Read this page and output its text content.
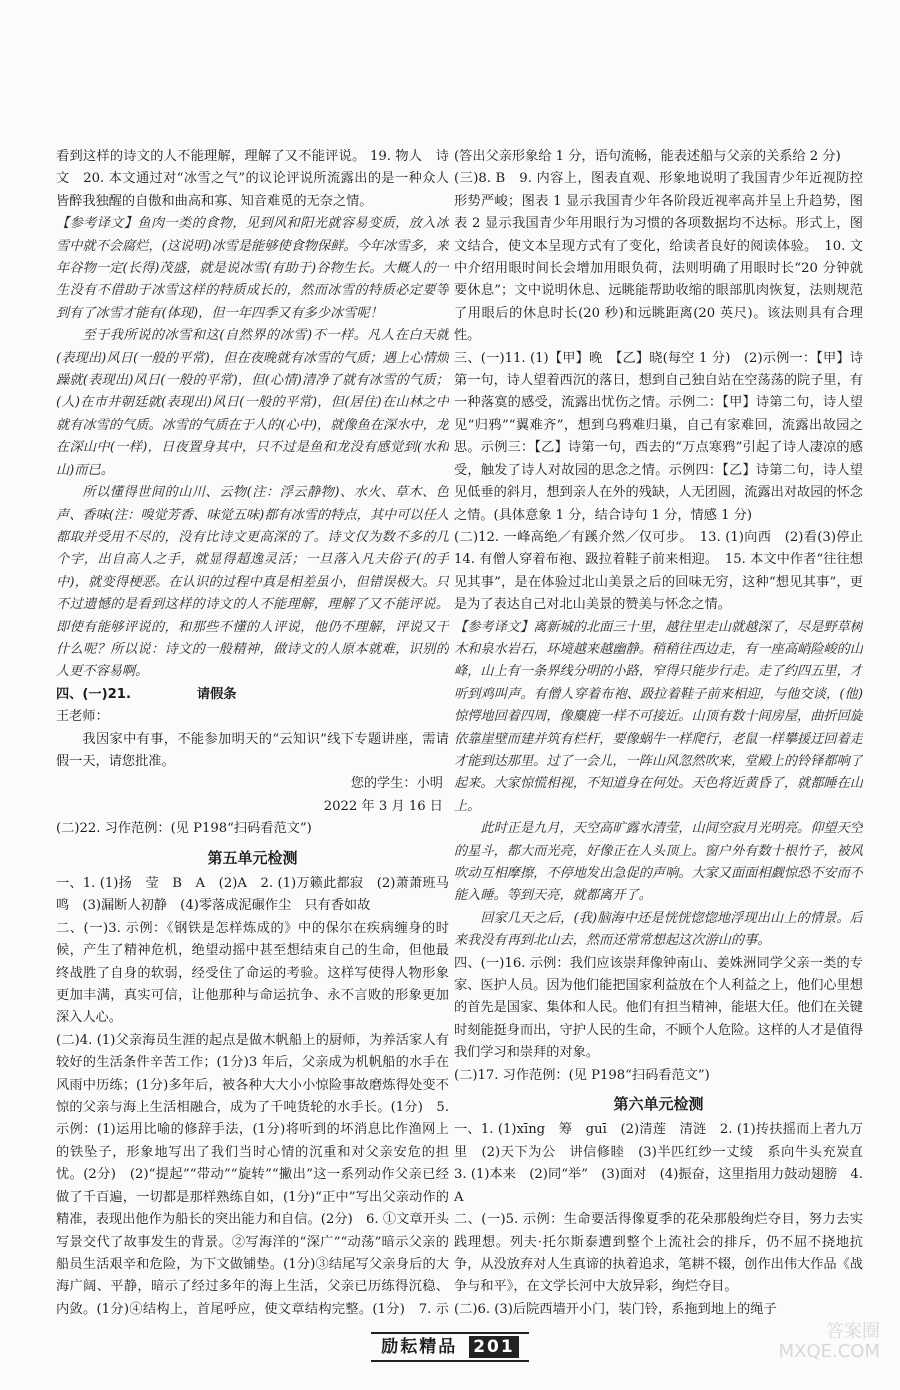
看到这样的诗文的人不能理解，理解了又不能评说。 19. 物人　诗文　20. 本文通过对“冰雪之气”的议论评说所流露出的是一种众人皆醉我独醒的自傲和曲高和寡、知音难觅的无奈之情。

【参考译文】鱼肉一类的食物，见到风和阳光就容易变质，放入冰雪中就不会腐烂，(这说明)冰雪是能够使食物保鲜。今年冰雪多，来年谷物一定(长得)茂盛，就是说冰雪(有助于)谷物生长。大概人的一生没有不借助于冰雪这样的特质成长的，然而冰雪的特质必定要等到有了冰雪才能有(体现)，但一年四季又有多少冰雪呢！

至于我所说的冰雪和这(自然界的冰雪)不一样。凡人在白天就(表现出)风日(一般的平常)，但在夜晚就有冰雪的气质；遇上心情烦躁就(表现出)风日(一般的平常)，但(心情)清净了就有冰雪的气质；(人)在市井朝廷就(表现出)风日(一般的平常)，但(居住)在山林之中就有冰雪的气质。冰雪的气质在于人的(心中)，就像鱼在深水中，龙在深山中(一样)，日夜置身其中，只不过是鱼和龙没有感觉到(水和山)而已。

所以懂得世间的山川、云物(注：浮云静物)、水火、草木、色声、香味(注：嗅觉芳香、味觉五味)都有冰雪的特点，其中可以任人都取并受用不尽的，没有比诗文更高深的了。诗文仅为数不多的几个字，出自高人之手，就显得超逸灵活；一旦落入凡夫俗子(的手中)，就变得梗恶。在认识的过程中真是相差虽小，但错误极大。只不过遗憾的是看到这样的诗文的人不能理解，理解了又不能评说。即使有能够评说的，和那些不懂的人评说，他仍不理解，评说又干什么呢？所以说：诗文的一般精神，做诗文的人原本就难，识别的人更不容易啊。

四、(一)21.　　　　　请假条

王老师：

我因家中有事，不能参加明天的“云知识”线下专题讲座，需请假一天，请您批准。

您的学生：小明

2022 年 3 月 16 日

(二)22. 习作范例：(见 P198“扫码看范文”)

第五单元检测

一、1. (1)扬　莹　B　A　(2)A　2. (1)万籁此都寂　(2)萧萧班马鸣　(3)漏断人初静　(4)零落成泥碾作尘　只有香如故

二、(一)3. 示例：《钢铁是怎样炼成的》中的保尔在疾病缠身的时候，产生了精神危机，绝望动摇中甚至想结束自己的生命，但他最终战胜了自身的软弱，经受住了命运的考验。这样写使得人物形象更加丰满，真实可信，让他那种与命运抗争、永不言败的形象更加深入人心。

(二)4. (1)父亲海员生涯的起点是做木帆船上的厨师，为养活家人有较好的生活条件辛苦工作；(1分)3 年后，父亲成为机帆船的水手在风雨中历练；(1分)多年后，被各种大大小小惊险事故磨炼得处变不惊的父亲与海上生活相融合，成为了千吨货轮的水手长。(1分)　5. 示例：(1)运用比喻的修辞手法，(1分)将听到的坏消息比作渔网上的铁坠子，形象地写出了我们当时心情的沉重和对父亲安危的担忧。(2分)　(2)“提起”“带动”“旋转”“撇出”这一系列动作父亲已经做了千百遍，一切都是那样熟练自如，(1分)“正中”写出父亲动作的精准，表现出他作为船长的突出能力和自信。(2分)　6. ①文章开头写景交代了故事发生的背景。②写海洋的“深广”“动荡”暗示父亲的船员生活艰辛和危险，为下文做铺垫。(1分)③结尾写父亲身后的大海广阔、平静，暗示了经过多年的海上生活，父亲已历练得沉稳、内敛。(1分)④结构上，首尾呼应，使文章结构完整。(1分)　7. 示

(答出父亲形象给 1 分，语句流畅，能表述船与父亲的关系给 2 分)

(三)8. B　9. 内容上，图表直观、形象地说明了我国青少年近视防控形势严峻；图表 1 显示我国青少年各阶段近视率高并呈上升趋势，图表 2 显示我国青少年用眼行为习惯的各项数据均不达标。形式上，图文结合，使文本呈现方式有了变化，给读者良好的阅读体验。　10. 文中介绍用眼时间长会增加用眼负荷，法则明确了用眼时长“20 分钟就要休息”；文中说明休息、远眺能帮助收缩的眼部肌肉恢复，法则规范了用眼后的休息时长(20 秒)和远眺距离(20 英尺)。该法则具有合理性。

三、(一)11. (1)【甲】晚　【乙】晓(每空 1 分)　(2)示例一：【甲】诗第一句，诗人望着西沉的落日，想到自己独自站在空荡荡的院子里，有一种落寞的感受，流露出忧伤之情。示例二：【甲】诗第二句，诗人望见“归鸦”“翼难齐”，想到乌鸦难归巢，自己有家难回，流露出故园之思。示例三：【乙】诗第一句，西去的“万点寒鸦”引起了诗人凄凉的感受，触发了诗人对故园的思念之情。示例四：【乙】诗第二句，诗人望见低垂的斜月，想到亲人在外的残缺，人无团圆，流露出对故园的怀念之情。(具体意象 1 分，结合诗句 1 分，情感 1 分)

(二)12. 一峰高绝／有蹊介然／仅可步。　13. (1)向西　(2)看(3)停止　14. 有僧人穿着布袍、趿拉着鞋子前来相迎。　15. 本文中作者“往往想见其事”，是在体验过北山美景之后的回味无穷，这种“想见其事”，更是为了表达自己对北山美景的赞美与怀念之情。

【参考译文】离新城的北面三十里，越往里走山就越深了，尽是野草树木和泉水岩石，环境越来越幽静。稍稍往西边走，有一座高峭险峻的山峰，山上有一条界线分明的小路，窄得只能步行走。走了约四五里，才听到鸡叫声。有僧人穿着布袍、趿拉着鞋子前来相迎，与他交谈，(他)惊愕地回着四周，像麋鹿一样不可接近。山顶有数十间房屋，曲折回旋依靠崖壁而建并筑有栏杆，要像蜗牛一样爬行，老鼠一样攀援迂回着走才能到达那里。过了一会儿，一阵山风忽然吹来，堂殿上的铃铎都响了起来。大家惊慌相视，不知道身在何处。天色将近黄昏了，就都睡在山上。

此时正是九月，天空高旷露水清莹，山间空寂月光明亮。仰望天空的星斗，都大而光亮，好像正在人头顶上。窗户外有数十根竹子，被风吹动互相摩擦，不停地发出急促的声响。大家又面面相觑惊恐不安而不能入睡。等到天亮，就都离开了。

回家几天之后，(我)脑海中还是恍恍惚惚地浮现出山上的情景。后来我没有再到北山去，然而还常常想起这次游山的事。

四、(一)16. 示例：我们应该崇拜像钟南山、姜姝洲同学父亲一类的专家、医护人员。因为他们能把国家利益放在个人利益之上，他们心里想的首先是国家、集体和人民。他们有担当精神，能堪大任。他们在关键时刻能挺身而出，守护人民的生命，不顾个人危险。这样的人才是值得我们学习和崇拜的对象。

(二)17. 习作范例：(见 P198“扫码看范文”)

第六单元检测

一、1. (1)xīng　筹　guī　(2)清莲　清涟　2. (1)抟扶摇而上者九万里　(2)天下为公　讲信修睦　(3)半匹红纱一丈绫　系向牛头充炭直　3. (1)本来　(2)同“举”　(3)面对　(4)振奋，这里指用力鼓动翅膀　4. A

二、(一)5. 示例：生命要活得像夏季的花朵那般绚烂夺目，努力去实践理想。列夫·托尔斯泰遭到整个上流社会的排斥，仍不屈不挠地抗争，从没放弃对人生真谛的执着追求，笔耕不辍，创作出伟大作品《战争与和平》，在文学长河中大放异彩，绚烂夺目。

(二)6. (3)后院西墙开小门，装门铃，系拖到地上的绳子

励耘精品 201
答案圈
MXQE.COM
